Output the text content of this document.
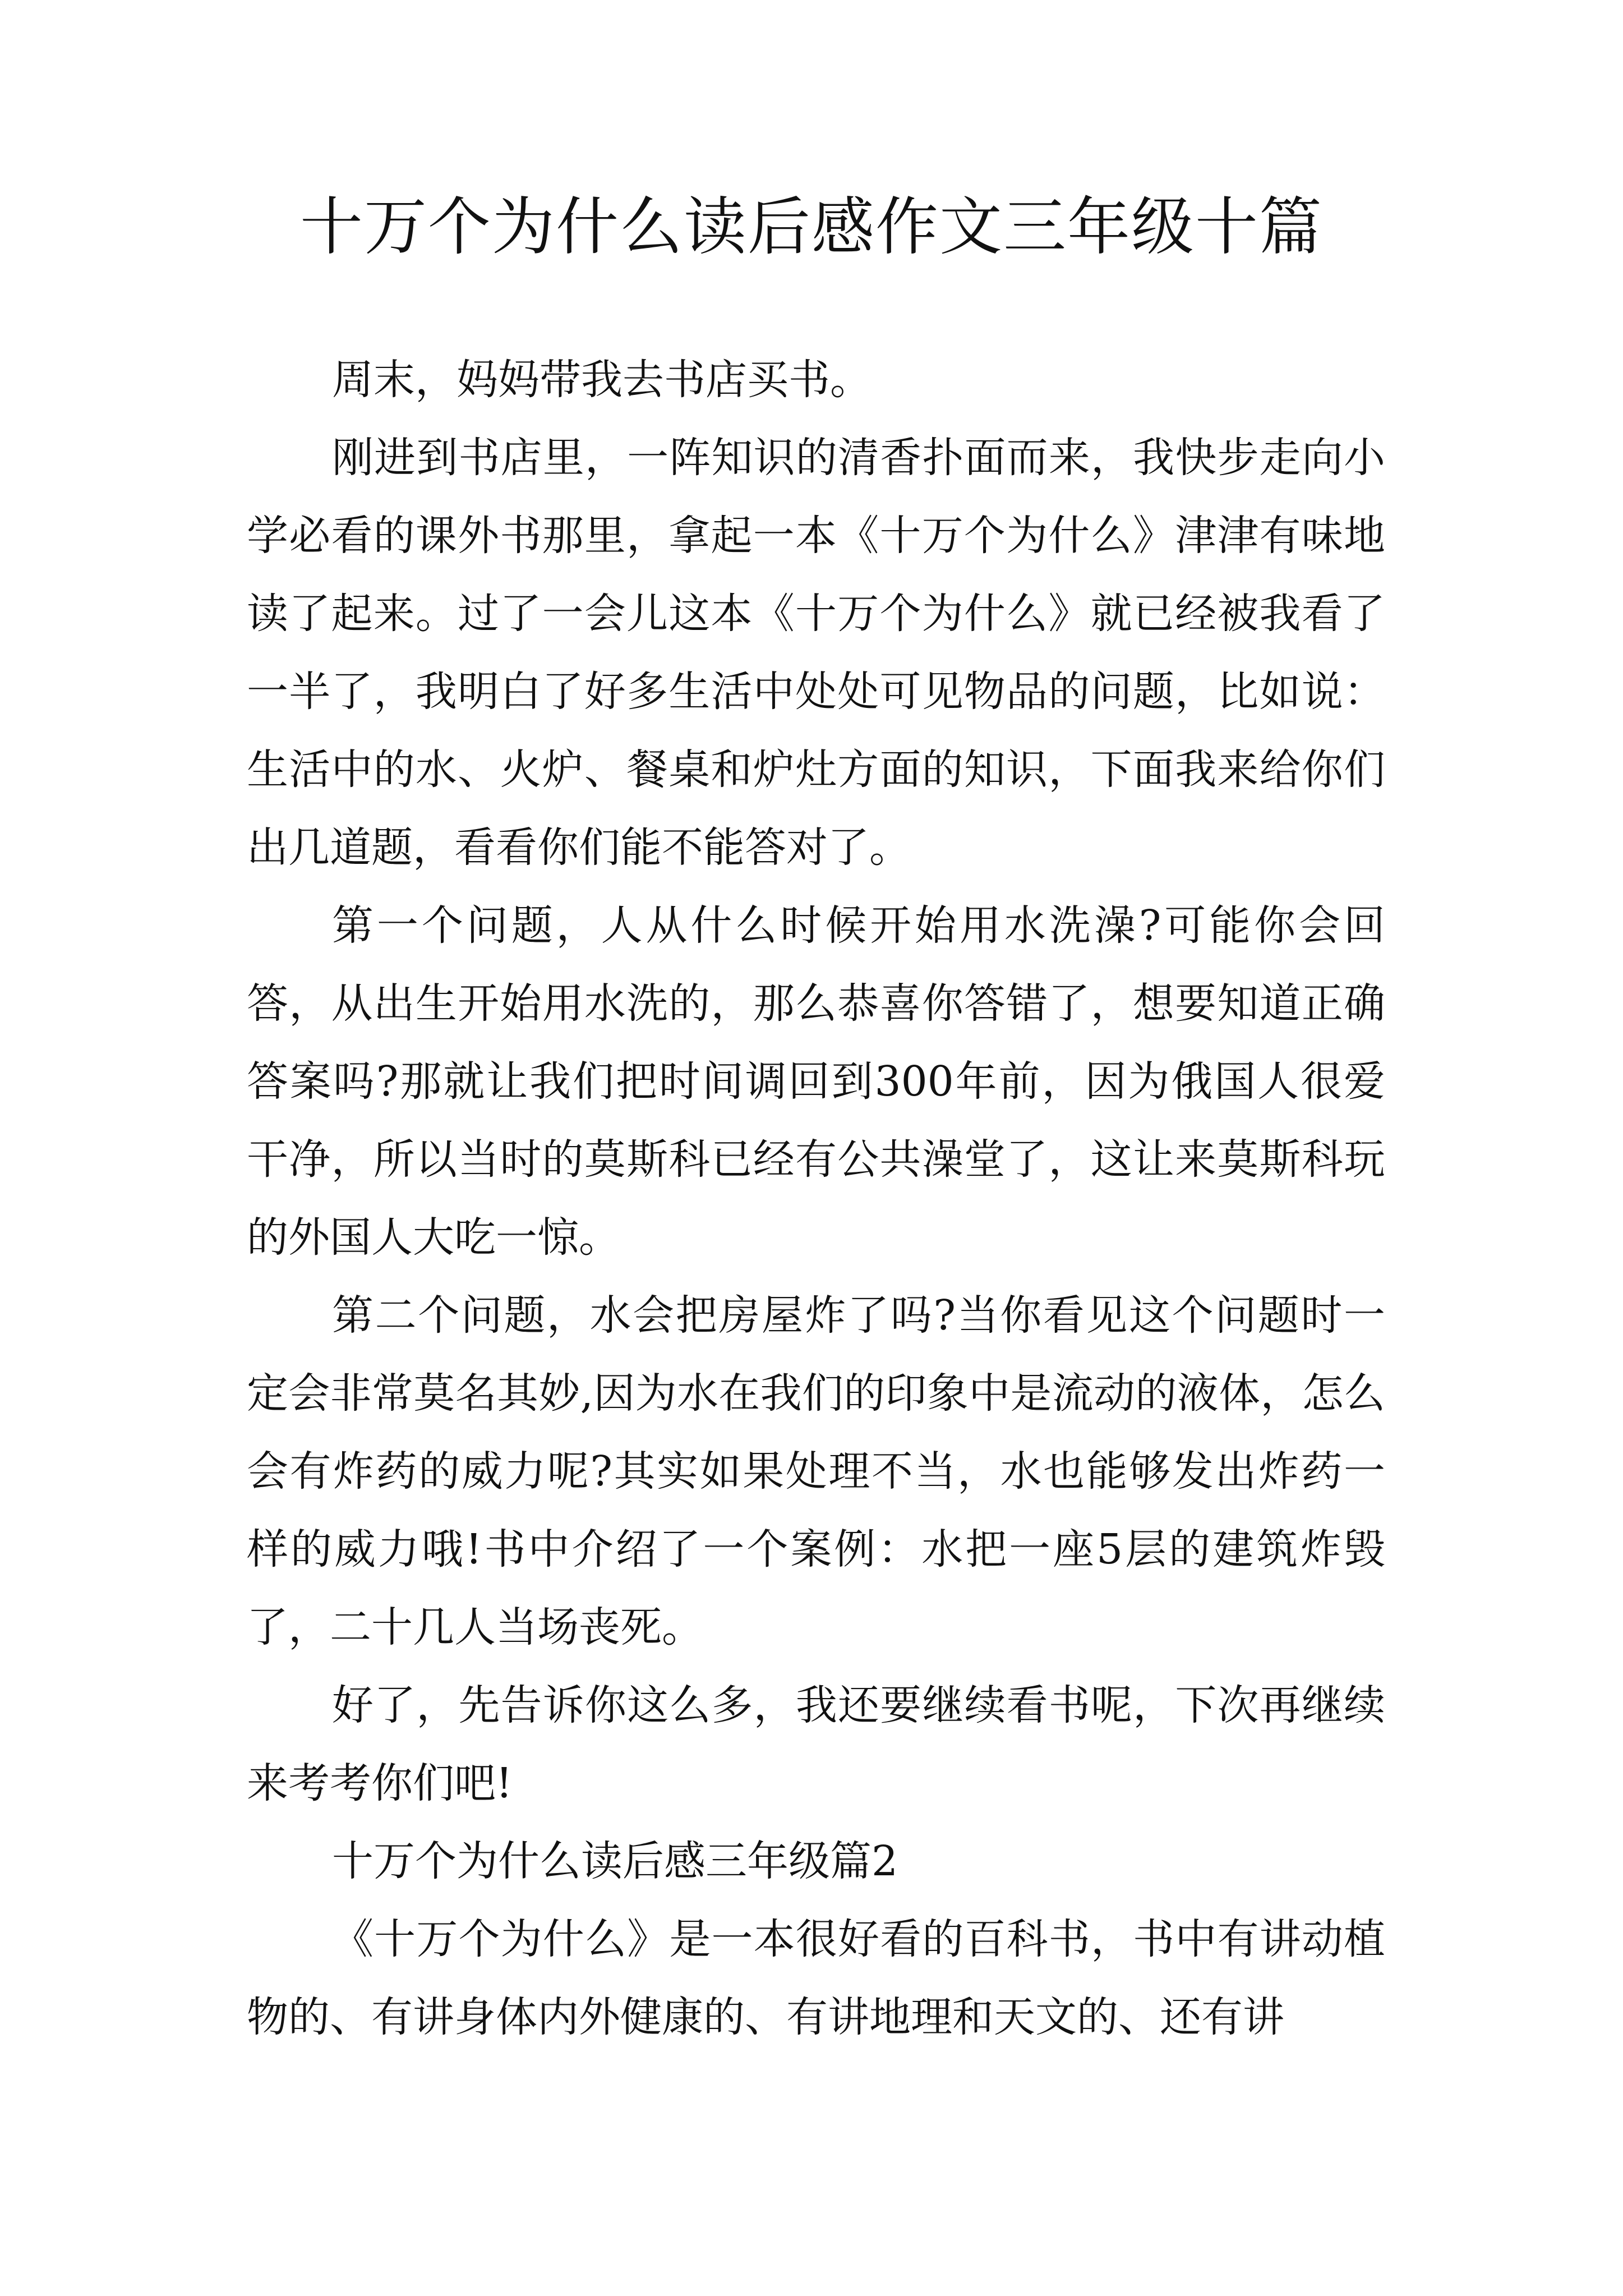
十万个为什么读后感作文三年级十篇

周末，妈妈带我去书店买书。

刚进到书店里，一阵知识的清香扑面而来，我快步走向小学必看的课外书那里，拿起一本《十万个为什么》津津有味地读了起来。过了一会儿这本《十万个为什么》就已经被我看了一半了，我明白了好多生活中处处可见物品的问题，比如说：生活中的水、火炉、餐桌和炉灶方面的知识，下面我来给你们出几道题，看看你们能不能答对了。

第一个问题，人从什么时候开始用水洗澡?可能你会回答，从出生开始用水洗的，那么恭喜你答错了，想要知道正确答案吗?那就让我们把时间调回到300年前，因为俄国人很爱干净，所以当时的莫斯科已经有公共澡堂了，这让来莫斯科玩的外国人大吃一惊。

第二个问题，水会把房屋炸了吗?当你看见这个问题时一定会非常莫名其妙,因为水在我们的印象中是流动的液体，怎么会有炸药的威力呢?其实如果处理不当，水也能够发出炸药一样的威力哦!书中介绍了一个案例：水把一座5层的建筑炸毁了，二十几人当场丧死。

好了，先告诉你这么多，我还要继续看书呢，下次再继续来考考你们吧!

十万个为什么读后感三年级篇2

《十万个为什么》是一本很好看的百科书，书中有讲动植物的、有讲身体内外健康的、有讲地理和天文的、还有讲
